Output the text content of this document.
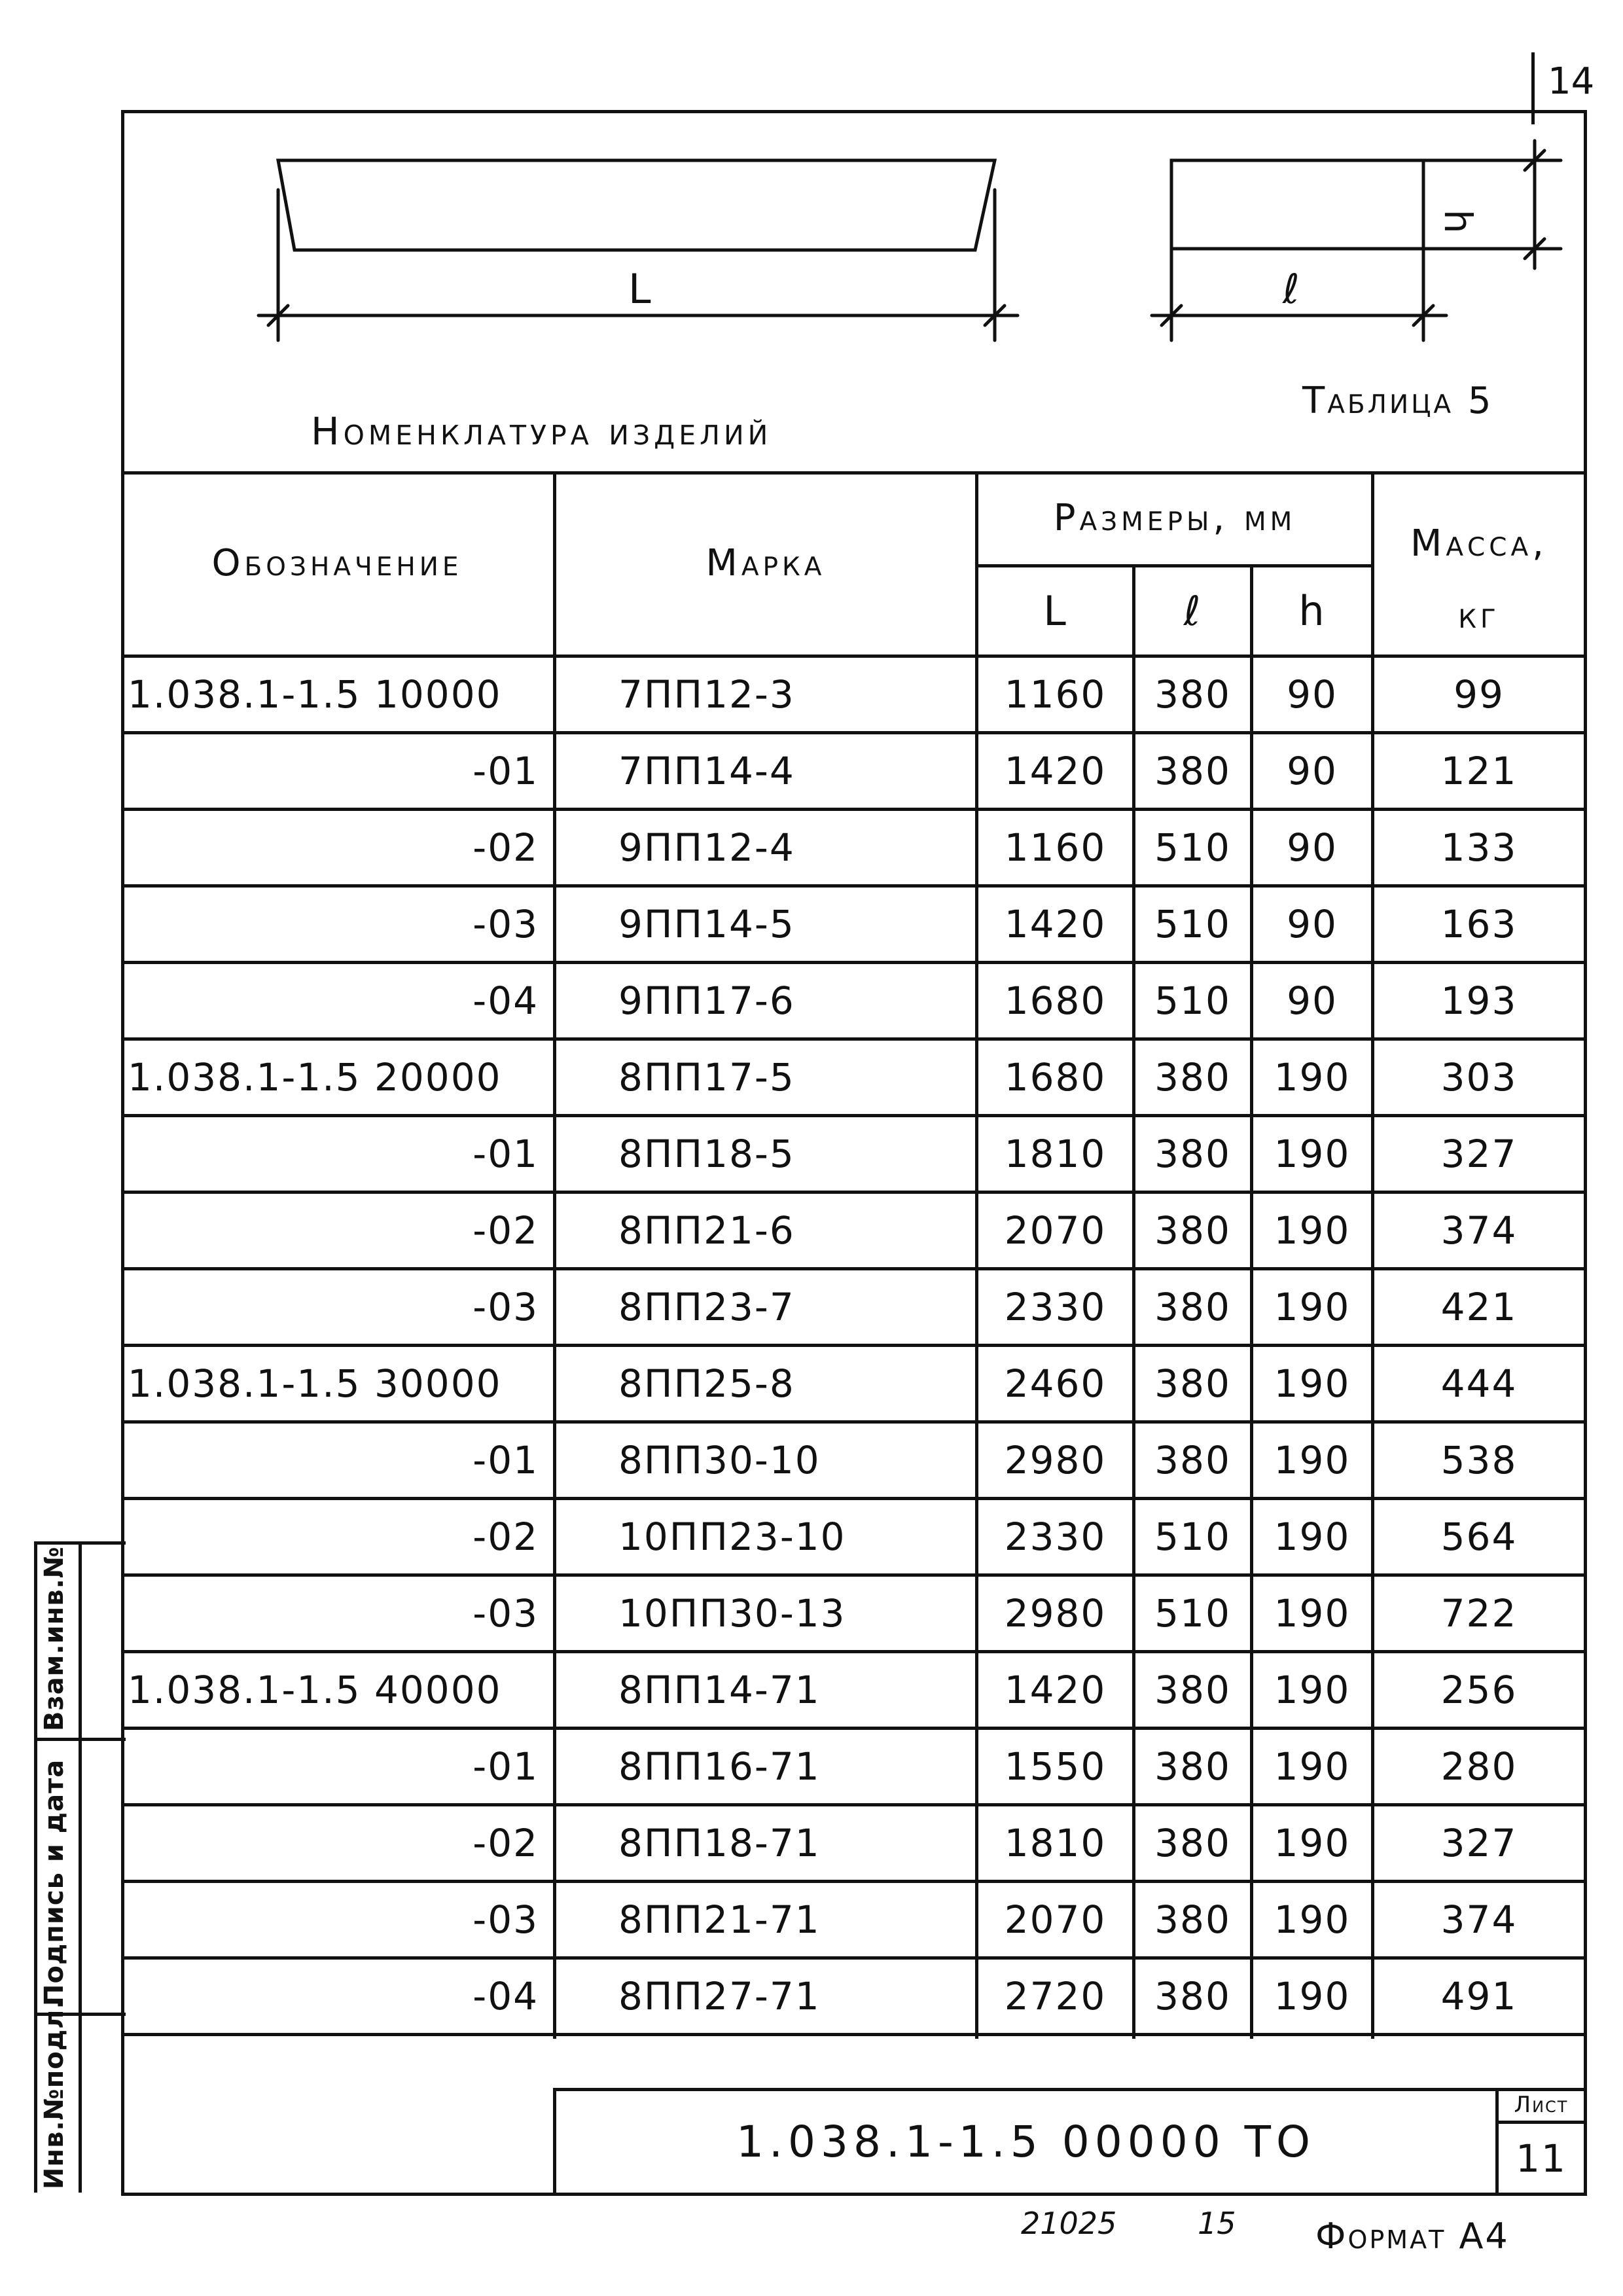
14
L	ℓ
h
Номенклатура изделий
Таблица 5
Обозначение	Марка
Размеры, мм
L	ℓ	h
Масса,
кг
1.038.1-1.5 10000	7ПП12-3	1160	380	90	99
-01	7ПП14-4	1420	380	90	121
-02	9ПП12-4	1160	510	90	133
-03	9ПП14-5	1420	510	90	163
-04	9ПП17-6	1680	510	90	193
1.038.1-1.5 20000	8ПП17-5	1680	380	190	303
-01	8ПП18-5	1810	380	190	327
-02	8ПП21-6	2070	380	190	374
-03	8ПП23-7	2330	380	190	421
1.038.1-1.5 30000	8ПП25-8	2460	380	190	444
-01	8ПП30-10	2980	380	190	538
-02	10ПП23-10	2330	510	190	564
-03	10ПП30-13	2980	510	190	722
1.038.1-1.5 40000	8ПП14-71	1420	380	190	256
-01	8ПП16-71	1550	380	190	280
-02	8ПП18-71	1810	380	190	327
-03	8ПП21-71	2070	380	190	374
-04	8ПП27-71	2720	380	190	491
Инв.№подл.
Подпись и дата
Взам.инв.№
1.038.1-1.5 00000 ТО
Лист
11
21025	15 Формат А4
